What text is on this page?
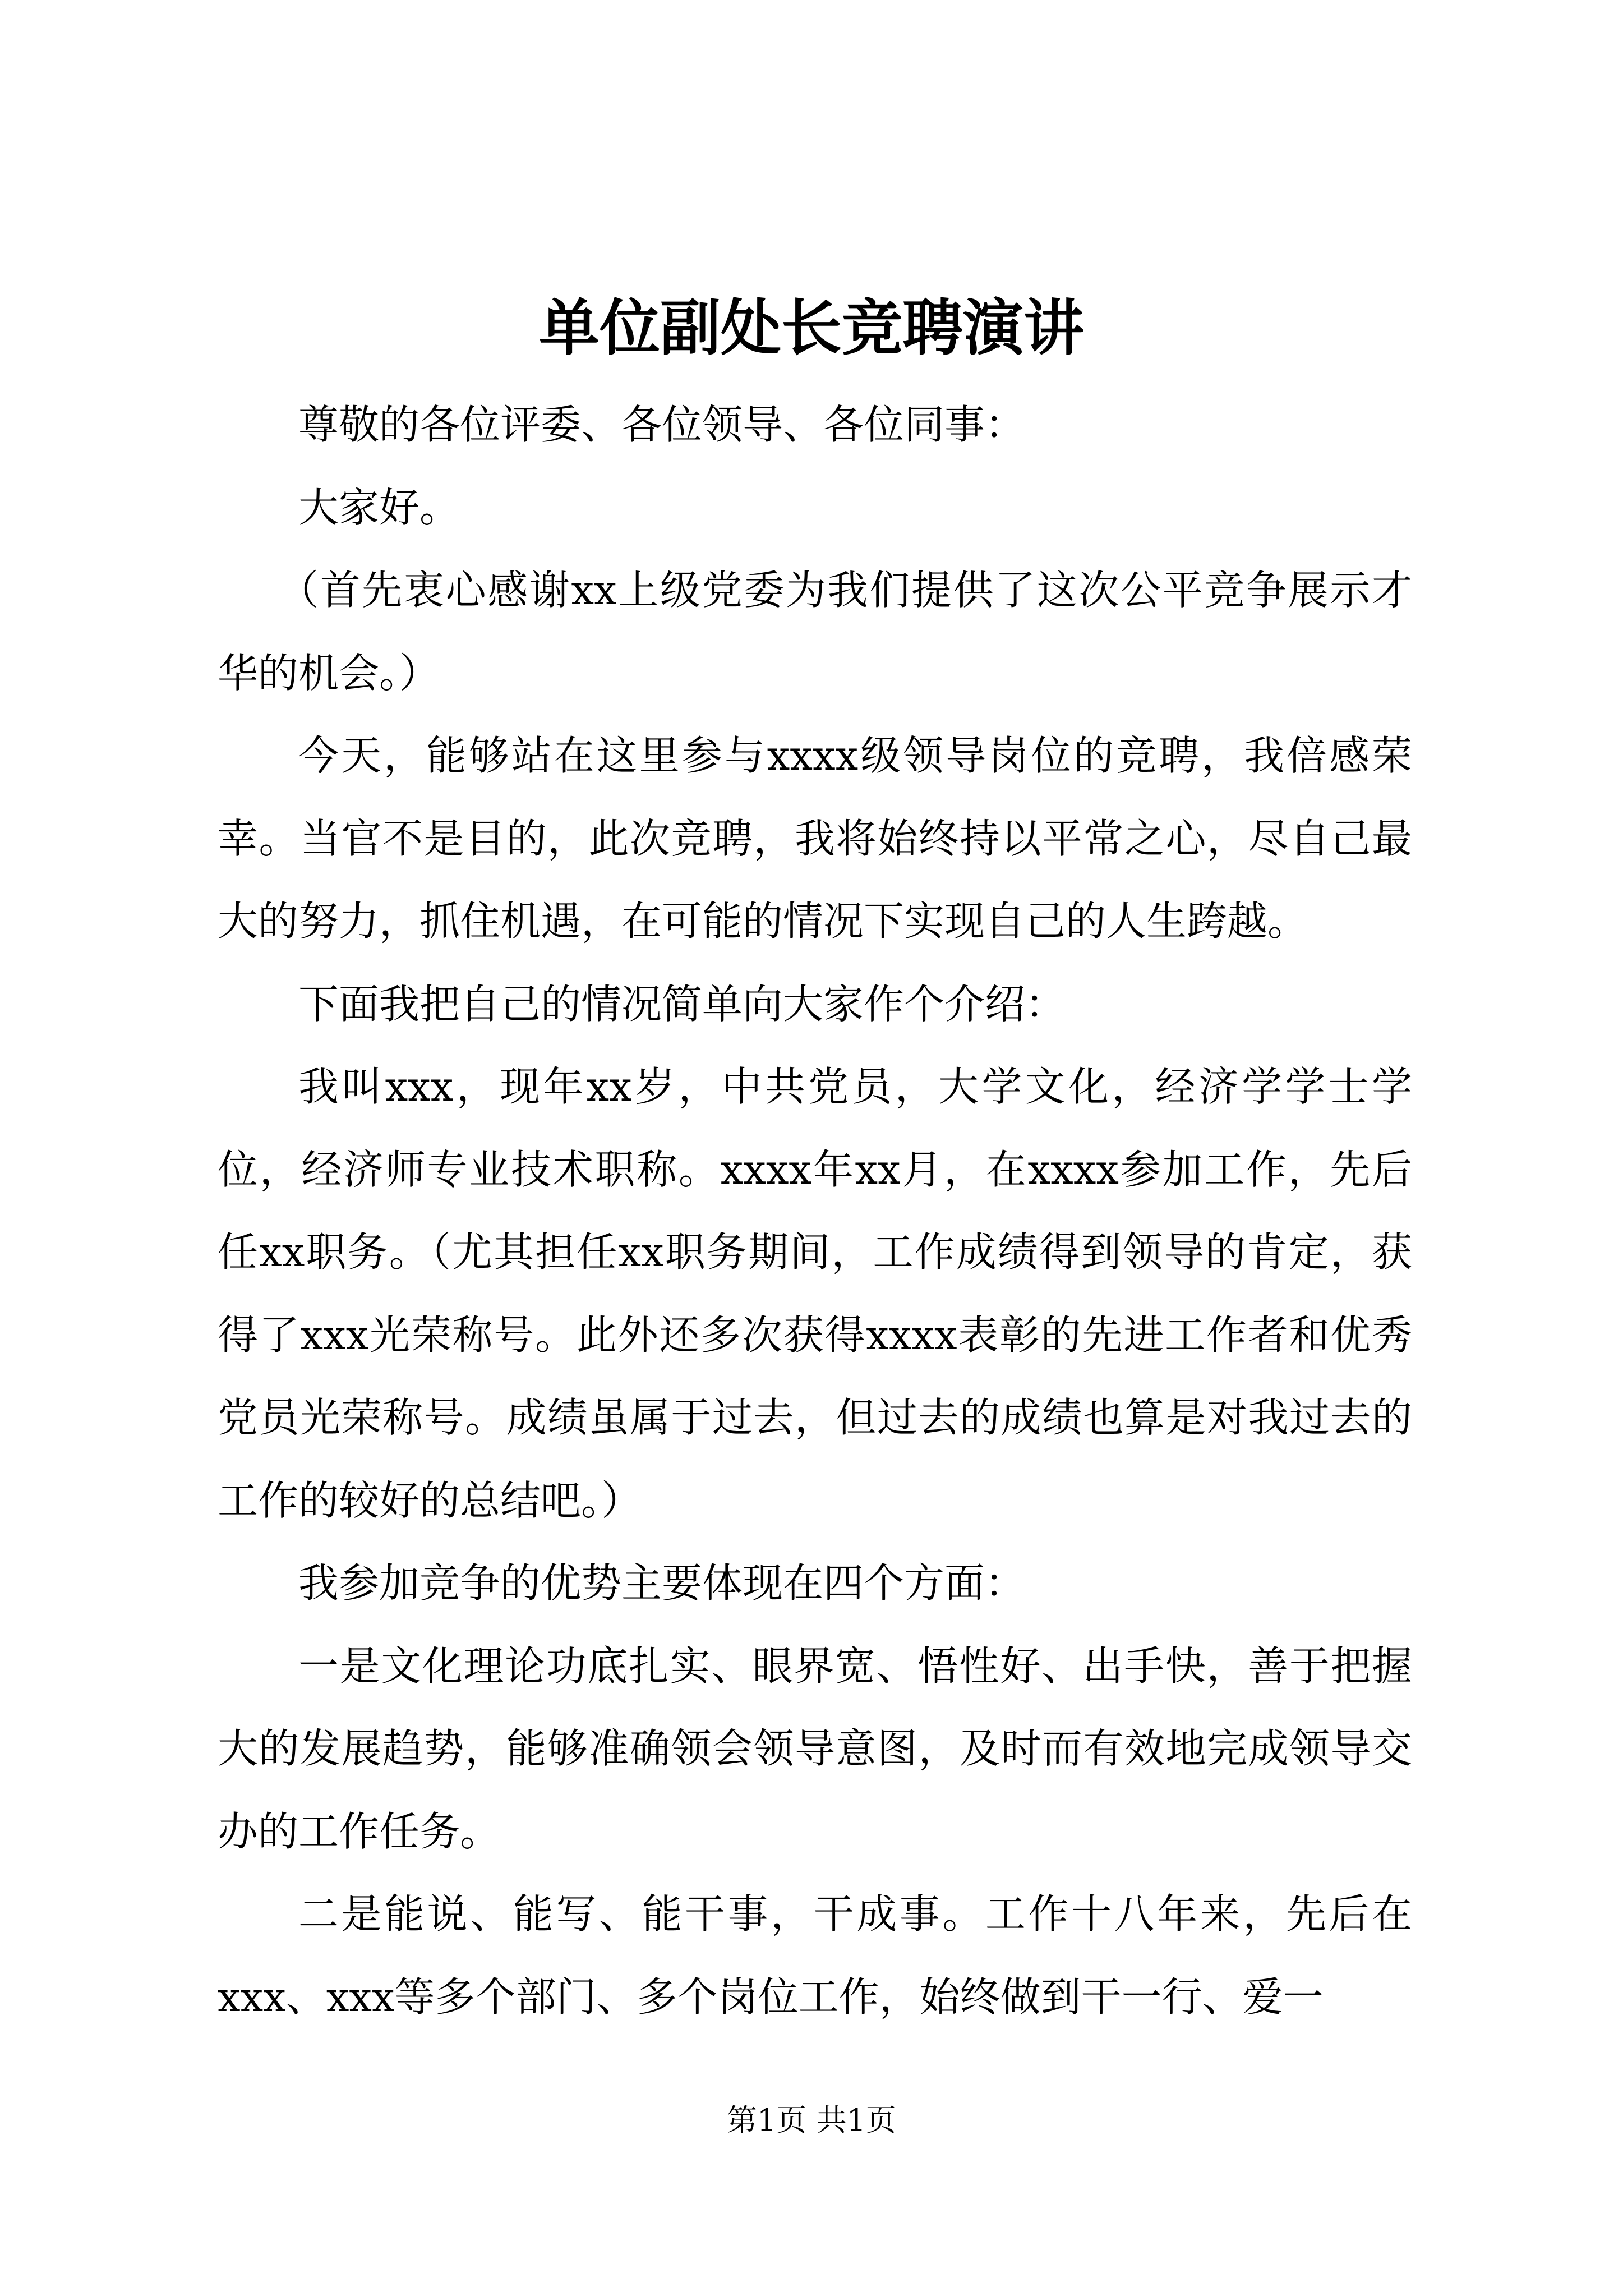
单位副处长竞聘演讲

尊敬的各位评委、各位领导、各位同事：

大家好。

（首先衷心感谢xx上级党委为我们提供了这次公平竞争展示才华的机会。）

今天，能够站在这里参与xxxx级领导岗位的竞聘，我倍感荣幸。当官不是目的，此次竞聘，我将始终持以平常之心，尽自己最大的努力，抓住机遇，在可能的情况下实现自己的人生跨越。

下面我把自己的情况简单向大家作个介绍：

我叫xxx，现年xx岁，中共党员，大学文化，经济学学士学位，经济师专业技术职称。xxxx年xx月，在xxxx参加工作，先后任xx职务。（尤其担任xx职务期间，工作成绩得到领导的肯定，获得了xxx光荣称号。此外还多次获得xxxx表彰的先进工作者和优秀党员光荣称号。成绩虽属于过去，但过去的成绩也算是对我过去的工作的较好的总结吧。）

我参加竞争的优势主要体现在四个方面：

一是文化理论功底扎实、眼界宽、悟性好、出手快，善于把握大的发展趋势，能够准确领会领导意图，及时而有效地完成领导交办的工作任务。

二是能说、能写、能干事，干成事。工作十八年来，先后在xxx、xxx等多个部门、多个岗位工作，始终做到干一行、爱一

第1页 共1页
